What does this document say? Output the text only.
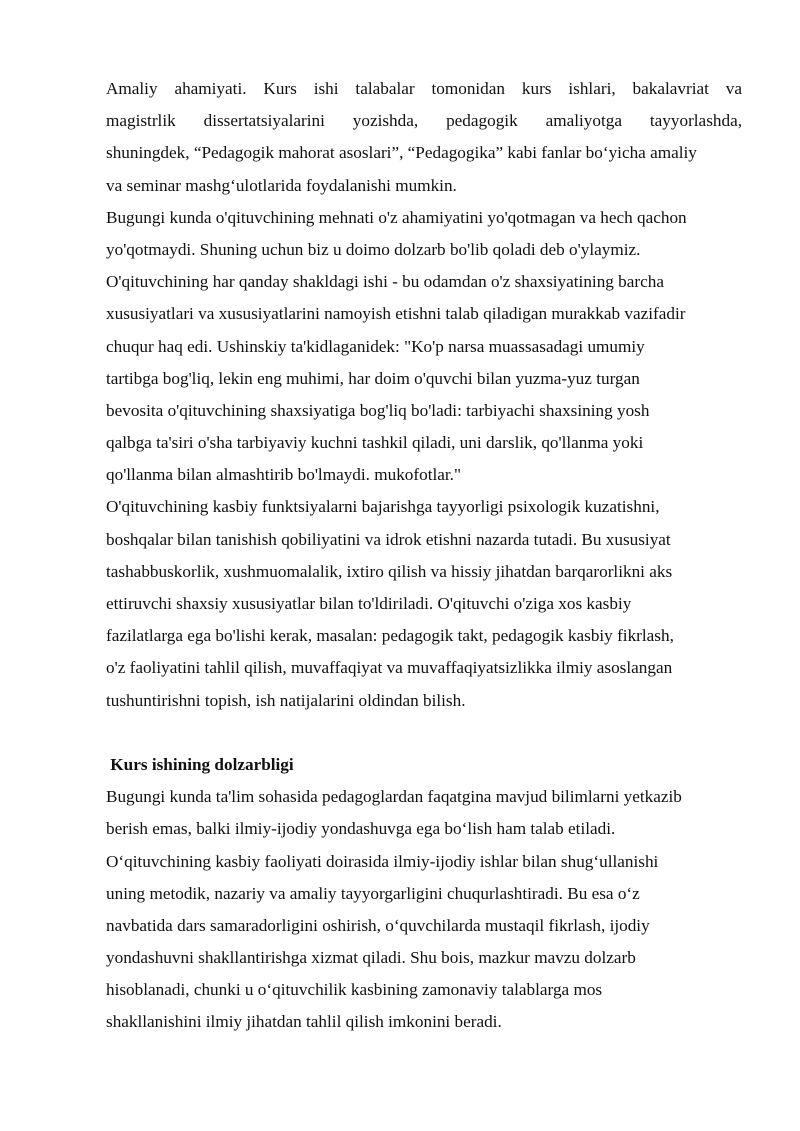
Amaliy ahamiyati. Kurs ishi talabalar tomonidan kurs ishlari, bakalavriat va
magistrlik dissertatsiyalarini yozishda, pedagogik amaliyotga tayyorlashda,
shuningdek, “Pedagogik mahorat asoslari”, “Pedagogika” kabi fanlar bo‘yicha amaliy
va seminar mashg‘ulotlarida foydalanishi mumkin.
Bugungi kunda o'qituvchining mehnati o'z ahamiyatini yo'qotmagan va hech qachon
yo'qotmaydi. Shuning uchun biz u doimo dolzarb bo'lib qoladi deb o'ylaymiz.
O'qituvchining har qanday shakldagi ishi - bu odamdan o'z shaxsiyatining barcha
xususiyatlari va xususiyatlarini namoyish etishni talab qiladigan murakkab vazifadir
chuqur haq edi. Ushinskiy ta'kidlaganidek: "Ko'p narsa muassasadagi umumiy
tartibga bog'liq, lekin eng muhimi, har doim o'quvchi bilan yuzma-yuz turgan
bevosita o'qituvchining shaxsiyatiga bog'liq bo'ladi: tarbiyachi shaxsining yosh
qalbga ta'siri o'sha tarbiyaviy kuchni tashkil qiladi, uni darslik, qo'llanma yoki
qo'llanma bilan almashtirib bo'lmaydi. mukofotlar."
O'qituvchining kasbiy funktsiyalarni bajarishga tayyorligi psixologik kuzatishni,
boshqalar bilan tanishish qobiliyatini va idrok etishni nazarda tutadi. Bu xususiyat
tashabbuskorlik, xushmuomalalik, ixtiro qilish va hissiy jihatdan barqarorlikni aks
ettiruvchi shaxsiy xususiyatlar bilan to'ldiriladi. O'qituvchi o'ziga xos kasbiy
fazilatlarga ega bo'lishi kerak, masalan: pedagogik takt, pedagogik kasbiy fikrlash,
o'z faoliyatini tahlil qilish, muvaffaqiyat va muvaffaqiyatsizlikka ilmiy asoslangan
tushuntirishni topish, ish natijalarini oldindan bilish.
Kurs ishining dolzarbligi
Bugungi kunda ta'lim sohasida pedagoglardan faqatgina mavjud bilimlarni yetkazib
berish emas, balki ilmiy-ijodiy yondashuvga ega bo‘lish ham talab etiladi.
O‘qituvchining kasbiy faoliyati doirasida ilmiy-ijodiy ishlar bilan shug‘ullanishi
uning metodik, nazariy va amaliy tayyorgarligini chuqurlashtiradi. Bu esa o‘z
navbatida dars samaradorligini oshirish, o‘quvchilarda mustaqil fikrlash, ijodiy
yondashuvni shakllantirishga xizmat qiladi. Shu bois, mazkur mavzu dolzarb
hisoblanadi, chunki u o‘qituvchilik kasbining zamonaviy talablarga mos
shakllanishini ilmiy jihatdan tahlil qilish imkonini beradi.
